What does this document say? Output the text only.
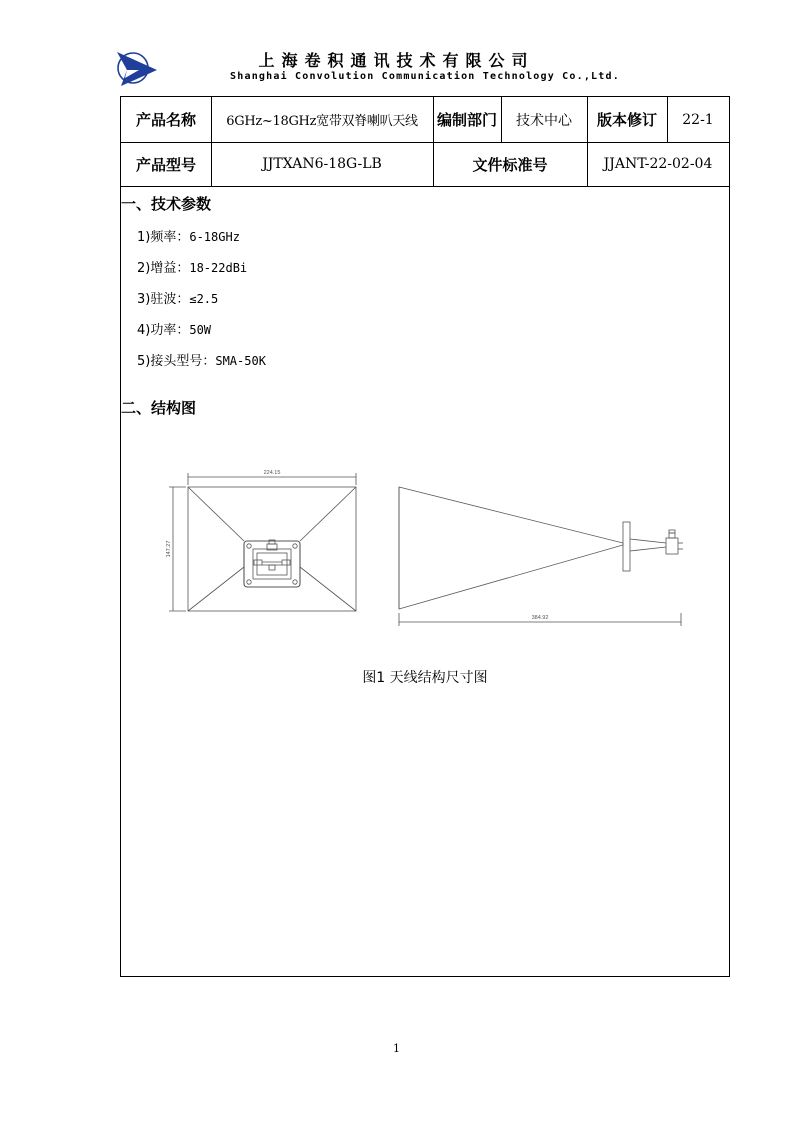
上海卷积通讯技术有限公司
Shanghai Convolution Communication Technology Co.,Ltd.
产品名称	6GHz~18GHz宽带双脊喇叭天线	编制部门	技术中心	版本修订	22-1
产品型号	JJTXAN6-18G-LB	文件标准号	JJANT-22-02-04
一、技术参数
1)频率：6-18GHz
2)增益：18-22dBi
3)驻波：≤2.5
4)功率：50W
5)接头型号：SMA-50K
二、结构图
224.15
147.27
384.92
图1 天线结构尺寸图
1
